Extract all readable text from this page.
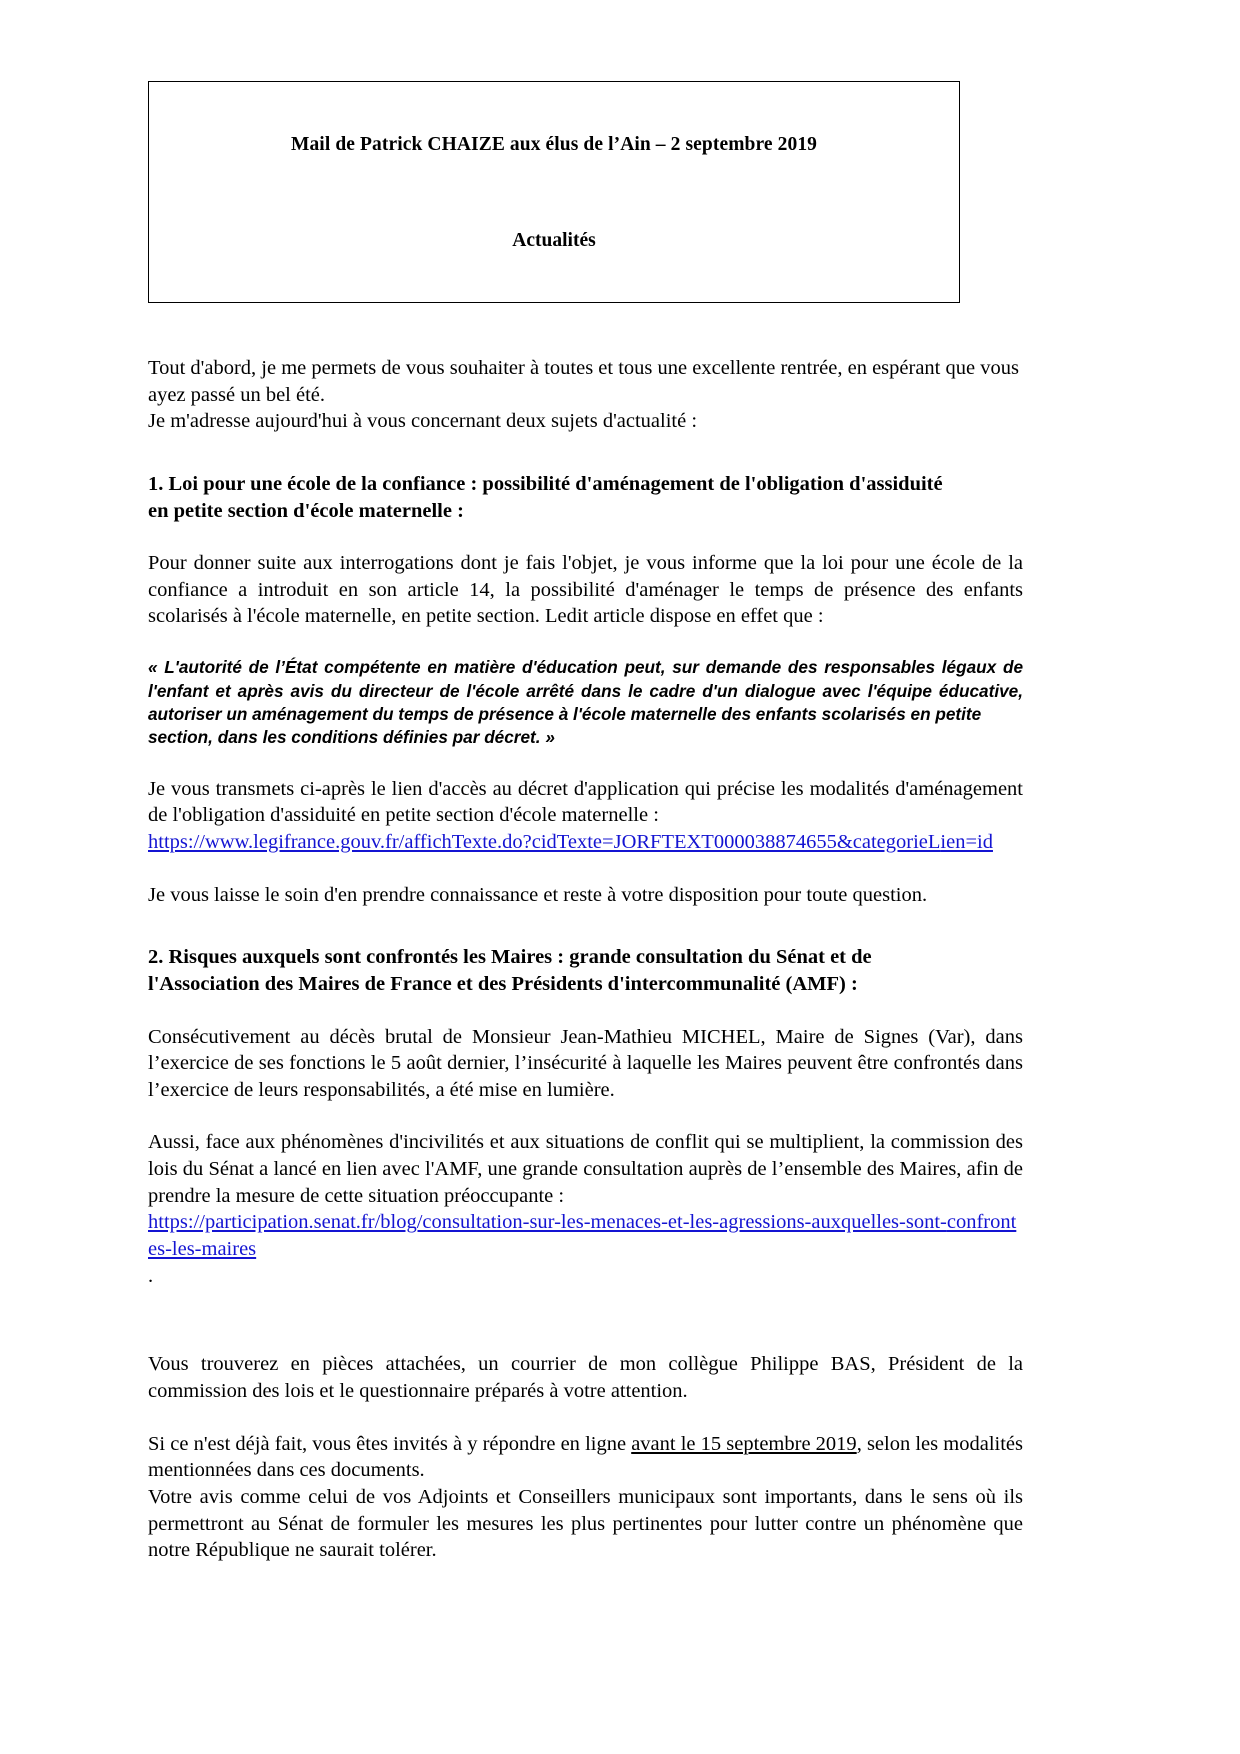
Mail de Patrick CHAIZE aux élus de l’Ain – 2 septembre 2019
Actualités

Tout d'abord, je me permets de vous souhaiter à toutes et tous une excellente rentrée, en espérant que vous ayez passé un bel été.

Je m'adresse aujourd'hui à vous concernant deux sujets d'actualité :

1. Loi pour une école de la confiance : possibilité d'aménagement de l'obligation d'assiduité
en petite section d'école maternelle :

Pour donner suite aux interrogations dont je fais l'objet, je vous informe que la loi pour une école de la confiance a introduit en son article 14, la possibilité d'aménager le temps de présence des enfants scolarisés à l'école maternelle, en petite section. Ledit article dispose en effet que :

« L'autorité de l’État compétente en matière d'éducation peut, sur demande des responsables légaux de l'enfant et après avis du directeur de l'école arrêté dans le cadre d'un dialogue avec l'équipe éducative, autoriser un aménagement du temps de présence à l'école maternelle des enfants scolarisés en petite
section, dans les conditions définies par décret. »

Je vous transmets ci-après le lien d'accès au décret d'application qui précise les modalités d'aménagement de l'obligation d'assiduité en petite section d'école maternelle :

https://www.legifrance.gouv.fr/affichTexte.do?cidTexte=JORFTEXT000038874655&categorieLien=id

Je vous laisse le soin d'en prendre connaissance et reste à votre disposition pour toute question.

2. Risques auxquels sont confrontés les Maires : grande consultation du Sénat et de
l'Association des Maires de France et des Présidents d'intercommunalité (AMF) :

Consécutivement au décès brutal de Monsieur Jean-Mathieu MICHEL, Maire de Signes (Var), dans l’exercice de ses fonctions le 5 août dernier, l’insécurité à laquelle les Maires peuvent être confrontés dans l’exercice de leurs responsabilités, a été mise en lumière.

Aussi, face aux phénomènes d'incivilités et aux situations de conflit qui se multiplient, la commission des lois du Sénat a lancé en lien avec l'AMF, une grande consultation auprès de l’ensemble des Maires, afin de prendre la mesure de cette situation préoccupante :

https://participation.senat.fr/blog/consultation-sur-les-menaces-et-les-agressions-auxquelles-sont-confrontes-les-maires
.

Vous trouverez en pièces attachées, un courrier de mon collègue Philippe BAS, Président de la commission des lois et le questionnaire préparés à votre attention.

Si ce n'est déjà fait, vous êtes invités à y répondre en ligne avant le 15 septembre 2019, selon les modalités mentionnées dans ces documents.

Votre avis comme celui de vos Adjoints et Conseillers municipaux sont importants, dans le sens où ils permettront au Sénat de formuler les mesures les plus pertinentes pour lutter contre un phénomène que notre République ne saurait tolérer.
